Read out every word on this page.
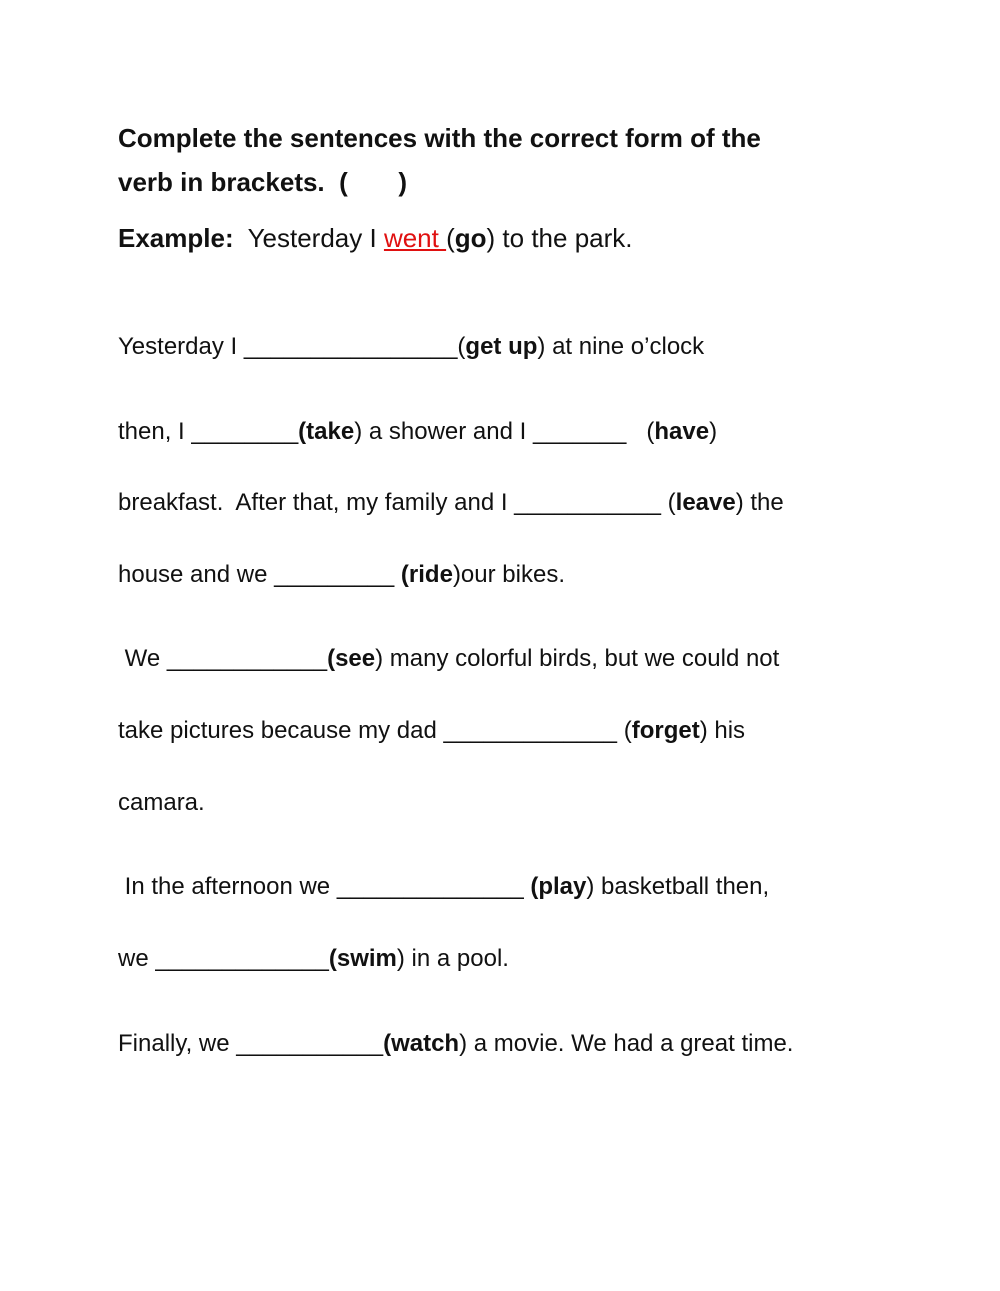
Complete the sentences with the correct form of the
verb in brackets.  (       )
Example:  Yesterday I went (go) to the park.
Yesterday I ________________(get up) at nine o’clock
then, I ________(take) a shower and I _______   (have)
breakfast.  After that, my family and I ___________ (leave) the
house and we _________ (ride)our bikes.
We ____________(see) many colorful birds, but we could not
take pictures because my dad _____________ (forget) his
camara.
In the afternoon we ______________ (play) basketball then,
we _____________(swim) in a pool.
Finally, we ___________(watch) a movie. We had a great time.
